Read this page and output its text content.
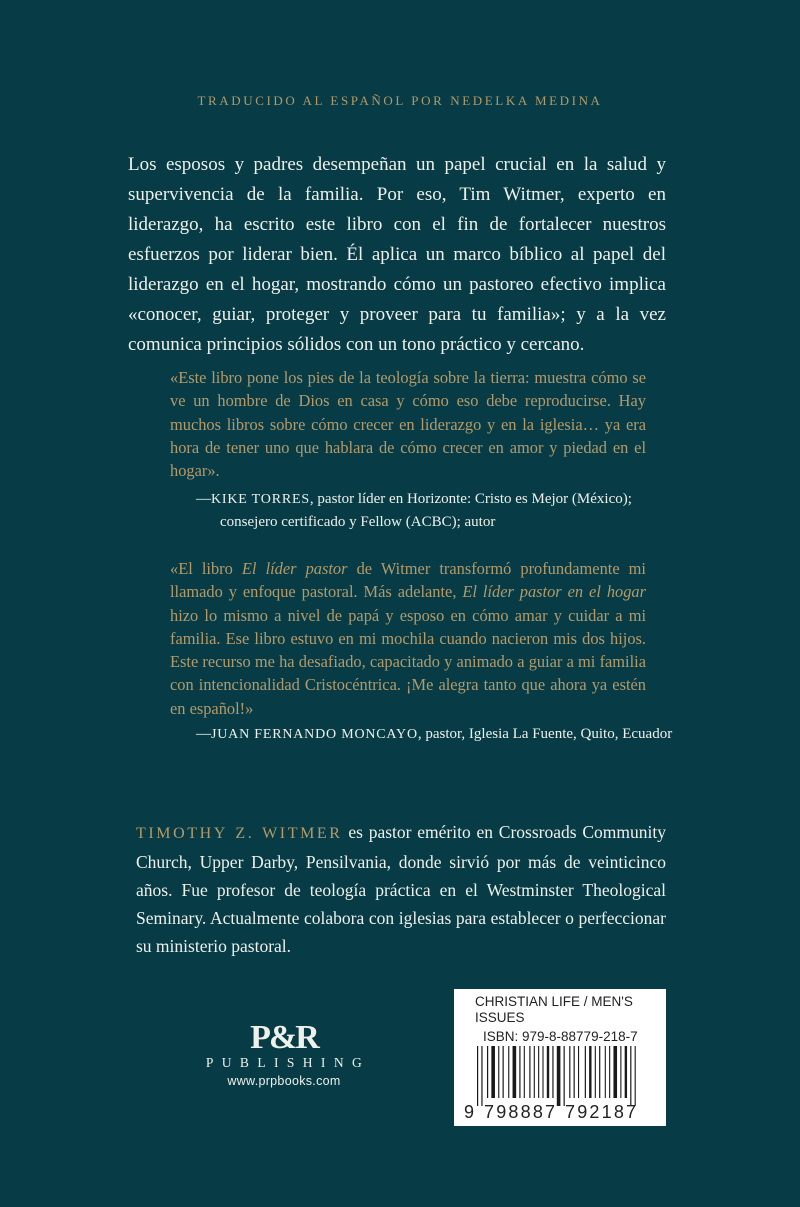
TRADUCIDO AL ESPAÑOL POR NEDELKA MEDINA

Los esposos y padres desempeñan un papel crucial en la salud y supervivencia de la familia. Por eso, Tim Witmer, experto en liderazgo, ha escrito este libro con el fin de fortalecer nuestros esfuerzos por liderar bien. Él aplica un marco bíblico al papel del liderazgo en el hogar, mostrando cómo un pastoreo efectivo implica «conocer, guiar, proteger y proveer para tu familia»; y a la vez comunica principios sólidos con un tono práctico y cercano.

«Este libro pone los pies de la teología sobre la tierra: muestra cómo se ve un hombre de Dios en casa y cómo eso debe reproducirse. Hay muchos libros sobre cómo crecer en liderazgo y en la iglesia… ya era hora de tener uno que hablara de cómo crecer en amor y piedad en el hogar».

—KIKE TORRES, pastor líder en Horizonte: Cristo es Mejor (México); consejero certificado y Fellow (ACBC); autor

«El libro El líder pastor de Witmer transformó profundamente mi llamado y enfoque pastoral. Más adelante, El líder pastor en el hogar hizo lo mismo a nivel de papá y esposo en cómo amar y cuidar a mi familia. Ese libro estuvo en mi mochila cuando nacieron mis dos hijos. Este recurso me ha desafiado, capacitado y animado a guiar a mi familia con intencionalidad Cristocéntrica. ¡Me alegra tanto que ahora ya estén en español!»

—JUAN FERNANDO MONCAYO, pastor, Iglesia La Fuente, Quito, Ecuador

TIMOTHY Z. WITMER es pastor emérito en Crossroads Community Church, Upper Darby, Pensilvania, donde sirvió por más de veinticinco años. Fue profesor de teología práctica en el Westminster Theological Seminary. Actualmente colabora con iglesias para establecer o perfeccionar su ministerio pastoral.

P&R
PUBLISHING
www.prpbooks.com
CHRISTIAN LIFE / MEN'S ISSUES
ISBN: 979-8-88779-218-7
9 798887 792187
